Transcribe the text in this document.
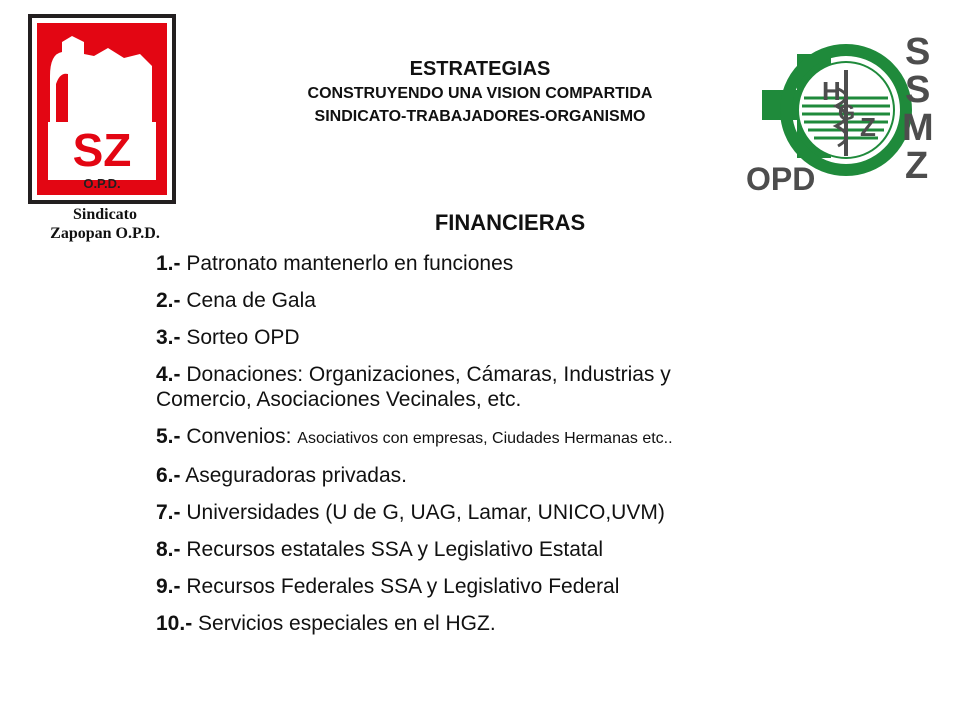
SZ
O.P.D.
Sindicato
Zapopan O.P.D.
ESTRATEGIAS
CONSTRUYENDO UNA VISION COMPARTIDA
SINDICATO-TRABAJADORES-ORGANISMO
H
G Z
S
S
M
Z
OPD
FINANCIERAS
1.- Patronato mantenerlo en funciones
2.- Cena de Gala
3.- Sorteo OPD
4.- Donaciones: Organizaciones, Cámaras, Industrias y
Comercio, Asociaciones Vecinales, etc.
5.- Convenios: Asociativos con empresas, Ciudades Hermanas etc..
6.- Aseguradoras privadas.
7.- Universidades (U de G, UAG, Lamar, UNICO,UVM)
8.- Recursos estatales SSA y Legislativo Estatal
9.- Recursos Federales SSA y Legislativo Federal
10.- Servicios especiales en el HGZ.
